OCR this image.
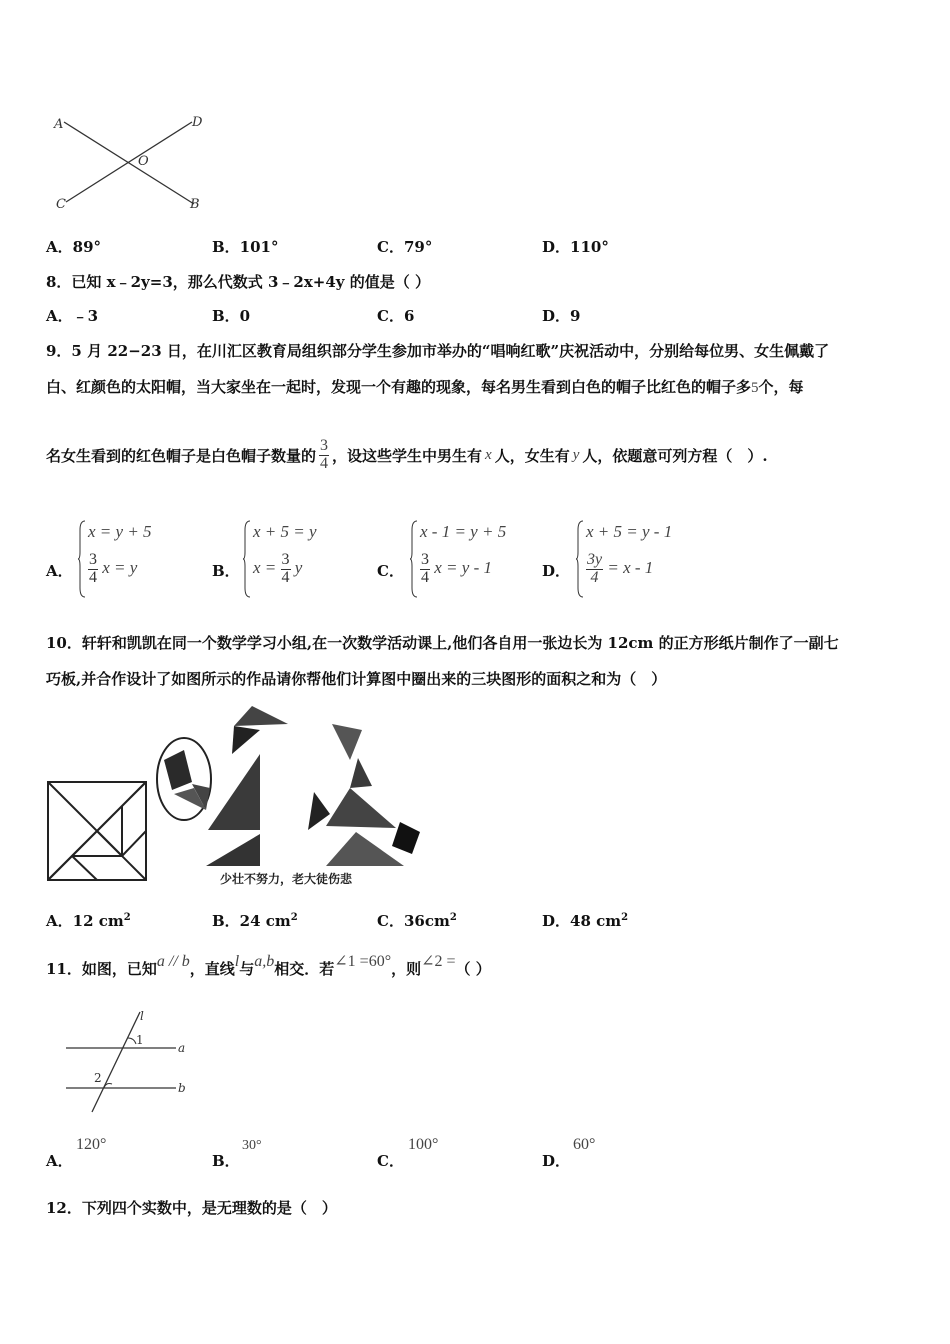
A	D
O
C	B
A．89°	B．101°	C．79°	D．110°
8．已知 x﹣2y=3，那么代数式 3﹣2x+4y 的值是（ ）
A．﹣3	B．0	C．6	D．9
9．5 月 22−23 日，在川汇区教育局组织部分学生参加市举办的“唱响红歌”庆祝活动中，分别给每位男、女生佩戴了
白、红颜色的太阳帽，当大家坐在一起时，发现一个有趣的现象，每名男生看到白色的帽子比红色的帽子多5个，每
名女生看到的红色帽子是白色帽子数量的 $\frac{3}{4}$ ，设这些学生中男生有 x 人，女生有 y 人，依题意可列方程（　）.
A．
x = y + 5
$\frac{3}{4}$ x = y	B．
x + 5 = y
$x = \frac{3}{4}$ y	C．
x - 1 = y + 5
$\frac{3}{4}$ x = y - 1	D．
x + 5 = y - 1
$\frac{3y}{4} = x - 1$
10．轩轩和凯凯在同一个数学学习小组,在一次数学活动课上,他们各自用一张边长为 12cm 的正方形纸片制作了一副七
巧板,并合作设计了如图所示的作品请你帮他们计算图中圈出来的三块图形的面积之和为（　）
少壮不努力，老大徒伤悲
A．12 $cm^2$	B．24 $cm^2$	C．$36cm^2$	D．48 $cm^2$
11．如图，已知a // b，直线l与a,b相交．若∠1 =60°，则∠2 =（ ）
l
1
a
2
b
A．
120°
B．
30°
C．
100°
D．
60°
12．下列四个实数中，是无理数的是（　）
